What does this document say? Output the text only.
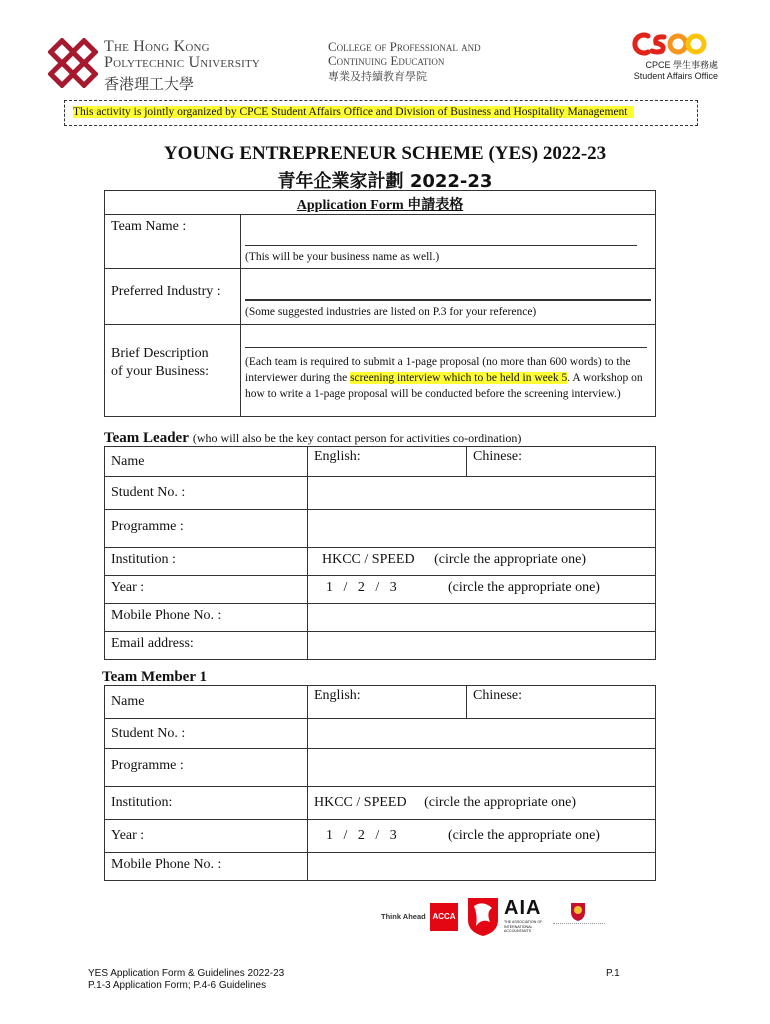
The Hong Kong
Polytechnic University
香港理工大學
College of Professional and
Continuing Education
專業及持續教育學院
CPCE 學生事務處
Student Affairs Office
This activity is jointly organized by CPCE Student Affairs Office and Division of Business and Hospitality Management
YOUNG ENTREPRENEUR SCHEME (YES) 2022-23
青年企業家計劃 2022-23
Application Form 申請表格	
Team Name :	(This will be your business name as well.)

Preferred Industry :	(Some suggested industries are listed on P.3 for your reference)

Brief Description
of your Business:	(Each team is required to submit a 1-page proposal (no more than 600 words) to the interviewer during the screening interview which to be held in week 5. A workshop on how to write a 1-page proposal will be conducted before the screening interview.)
Team Leader (who will also be the key contact person for activities co-ordination)
Name	English:	Chinese:
Student No. :		
Programme :		
Institution :	HKCC / SPEED (circle the appropriate one)	
Year :	1   /   2   /   3 (circle the appropriate one)	
Mobile Phone No. :		
Email address:		
Team Member 1
Name	English:	Chinese:
Student No. :		
Programme :		
Institution:	HKCC / SPEED (circle the appropriate one)	
Year :	1   /   2   /   3 (circle the appropriate one)	
Mobile Phone No. :		
Think Ahead ACCA AIA
THE ASSOCIATION OF INTERNATIONAL ACCOUNTANTS
YES Application Form & Guidelines 2022-23
P.1-3 Application Form; P.4-6 Guidelines
P.1
